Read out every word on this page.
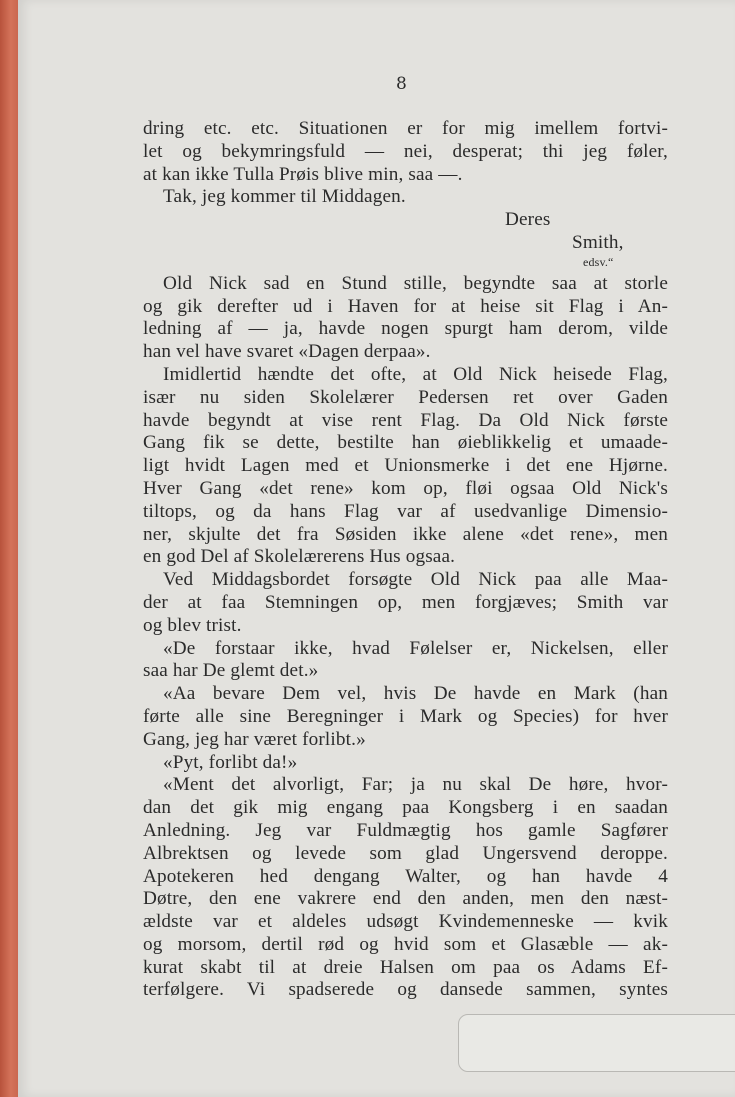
8
dring etc. etc. Situationen er for mig imellem fortvi-
let og bekymringsfuld — nei, desperat; thi jeg føler,
at kan ikke Tulla Prøis blive min, saa —.
Tak, jeg kommer til Middagen.
Deres
Smith,
edsv.“
Old Nick sad en Stund stille, begyndte saa at storle
og gik derefter ud i Haven for at heise sit Flag i An-
ledning af — ja, havde nogen spurgt ham derom, vilde
han vel have svaret «Dagen derpaa».
Imidlertid hændte det ofte, at Old Nick heisede Flag,
især nu siden Skolelærer Pedersen ret over Gaden
havde begyndt at vise rent Flag. Da Old Nick første
Gang fik se dette, bestilte han øieblikkelig et umaade-
ligt hvidt Lagen med et Unionsmerke i det ene Hjørne.
Hver Gang «det rene» kom op, fløi ogsaa Old Nick's
tiltops, og da hans Flag var af usedvanlige Dimensio-
ner, skjulte det fra Søsiden ikke alene «det rene», men
en god Del af Skolelærerens Hus ogsaa.
Ved Middagsbordet forsøgte Old Nick paa alle Maa-
der at faa Stemningen op, men forgjæves; Smith var
og blev trist.
«De forstaar ikke, hvad Følelser er, Nickelsen, eller
saa har De glemt det.»
«Aa bevare Dem vel, hvis De havde en Mark (han
førte alle sine Beregninger i Mark og Species) for hver
Gang, jeg har været forlibt.»
«Pyt, forlibt da!»
«Ment det alvorligt, Far; ja nu skal De høre, hvor-
dan det gik mig engang paa Kongsberg i en saadan
Anledning. Jeg var Fuldmægtig hos gamle Sagfører
Albrektsen og levede som glad Ungersvend deroppe.
Apotekeren hed dengang Walter, og han havde 4
Døtre, den ene vakrere end den anden, men den næst-
ældste var et aldeles udsøgt Kvindemenneske — kvik
og morsom, dertil rød og hvid som et Glasæble — ak-
kurat skabt til at dreie Halsen om paa os Adams Ef-
terfølgere. Vi spadserede og dansede sammen, syntes
